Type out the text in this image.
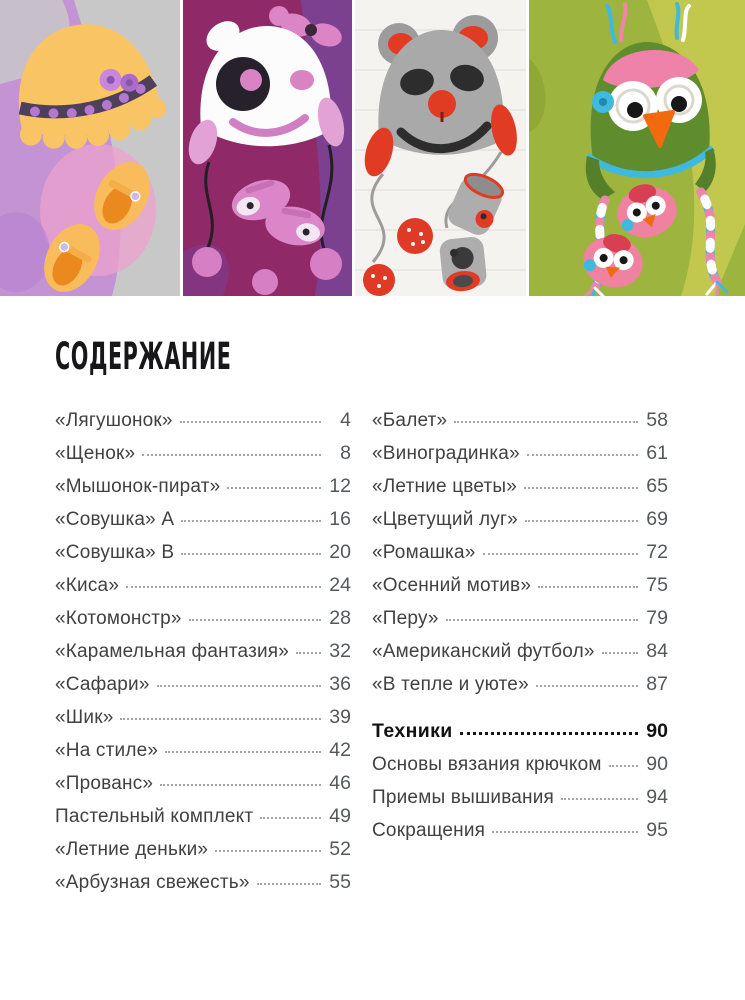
СОДЕРЖАНИЕ
«Лягушонок»	4
«Щенок»	8
«Мышонок-пират»	12
«Совушка» А	16
«Совушка» В	20
«Киса»	24
«Котомонстр»	28
«Карамельная фантазия» 32
«Сафари»	36
«Шик»	39
«На стиле»	42
«Прованс»	46
Пастельный комплект	49
«Летние деньки»	52
«Арбузная свежесть»	55
«Балет»	58
«Виноградинка»	61
«Летние цветы»	65
«Цветущий луг»	69
«Ромашка»	72
«Осенний мотив»	75
«Перу»	79
«Американский футбол»	84
«В тепле и уюте»	87
Техники	90
Основы вязания крючком 90
Приемы вышивания	94
Сокращения	95
